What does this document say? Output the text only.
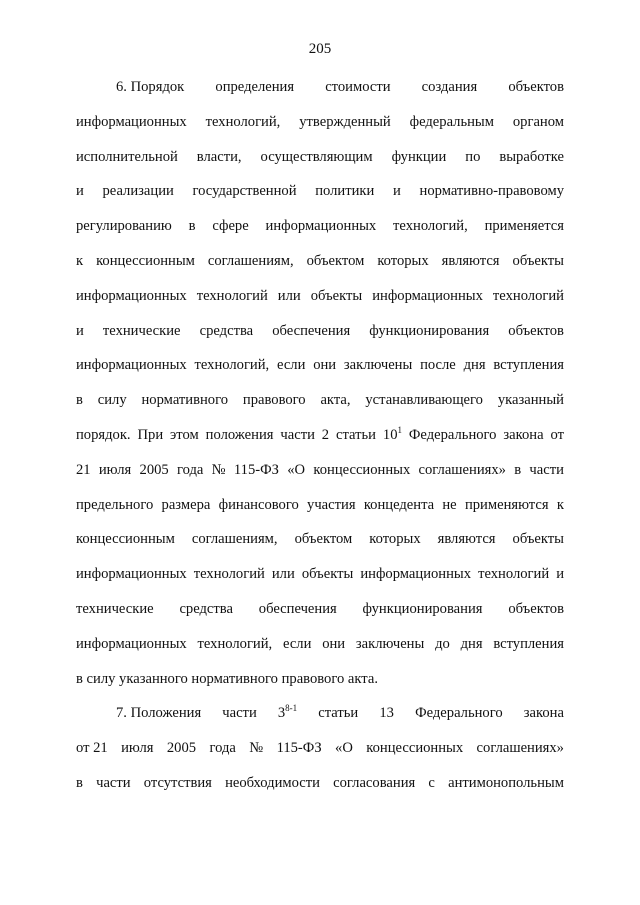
205
6. Порядок определения стоимости создания объектов
информационных технологий, утвержденный федеральным органом
исполнительной власти, осуществляющим функции по выработке
и реализации государственной политики и нормативно-правовому
регулированию в сфере информационных технологий, применяется
к концессионным соглашениям, объектом которых являются объекты
информационных технологий или объекты информационных технологий
и технические средства обеспечения функционирования объектов
информационных технологий, если они заключены после дня вступления
в силу нормативного правового акта, устанавливающего указанный
порядок. При этом положения части 2 статьи $10^1$ Федерального закона от
21 июля 2005 года № 115-ФЗ «О концессионных соглашениях» в части
предельного размера финансового участия концедента не применяются к
концессионным соглашениям, объектом которых являются объекты
информационных технологий или объекты информационных технологий и
технические средства обеспечения функционирования объектов
информационных технологий, если они заключены до дня вступления
в силу указанного нормативного правового акта.
7. Положения части 3$^{8-1}$ статьи 13 Федерального закона
от 21 июля 2005 года № 115-ФЗ «О концессионных соглашениях»
в части отсутствия необходимости согласования с антимонопольным
